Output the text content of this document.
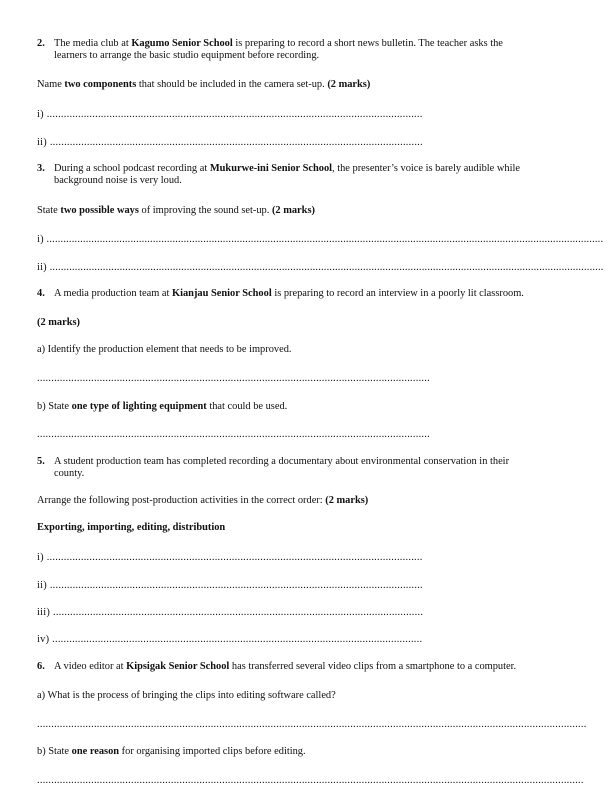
2. The media club at Kagumo Senior School is preparing to record a short news bulletin. The teacher asks the
learners to arrange the basic studio equipment before recording.
Name two components that should be included in the camera set-up. (2 marks)
i) ....................................................................................................................................
ii) ...................................................................................................................................
3. During a school podcast recording at Mukurwe-ini Senior School, the presenter’s voice is barely audible while
background noise is very loud.
State two possible ways of improving the sound set-up. (2 marks)
i) .......................................................................................................................................................................................................
ii) ......................................................................................................................................................................................................
4. A media production team at Kianjau Senior School is preparing to record an interview in a poorly lit classroom.
(2 marks)
a) Identify the production element that needs to be improved.
..........................................................................................................................................
b) State one type of lighting equipment that could be used.
..........................................................................................................................................
5. A student production team has completed recording a documentary about environmental conservation in their
county.
Arrange the following post-production activities in the correct order: (2 marks)
Exporting, importing, editing, distribution
i) ....................................................................................................................................
ii) ...................................................................................................................................
iii) ..................................................................................................................................
iv) ..................................................................................................................................
6. A video editor at Kipsigak Senior School has transferred several video clips from a smartphone to a computer.
a) What is the process of bringing the clips into editing software called?
.................................................................................................................................................................................................
b) State one reason for organising imported clips before editing.
................................................................................................................................................................................................
